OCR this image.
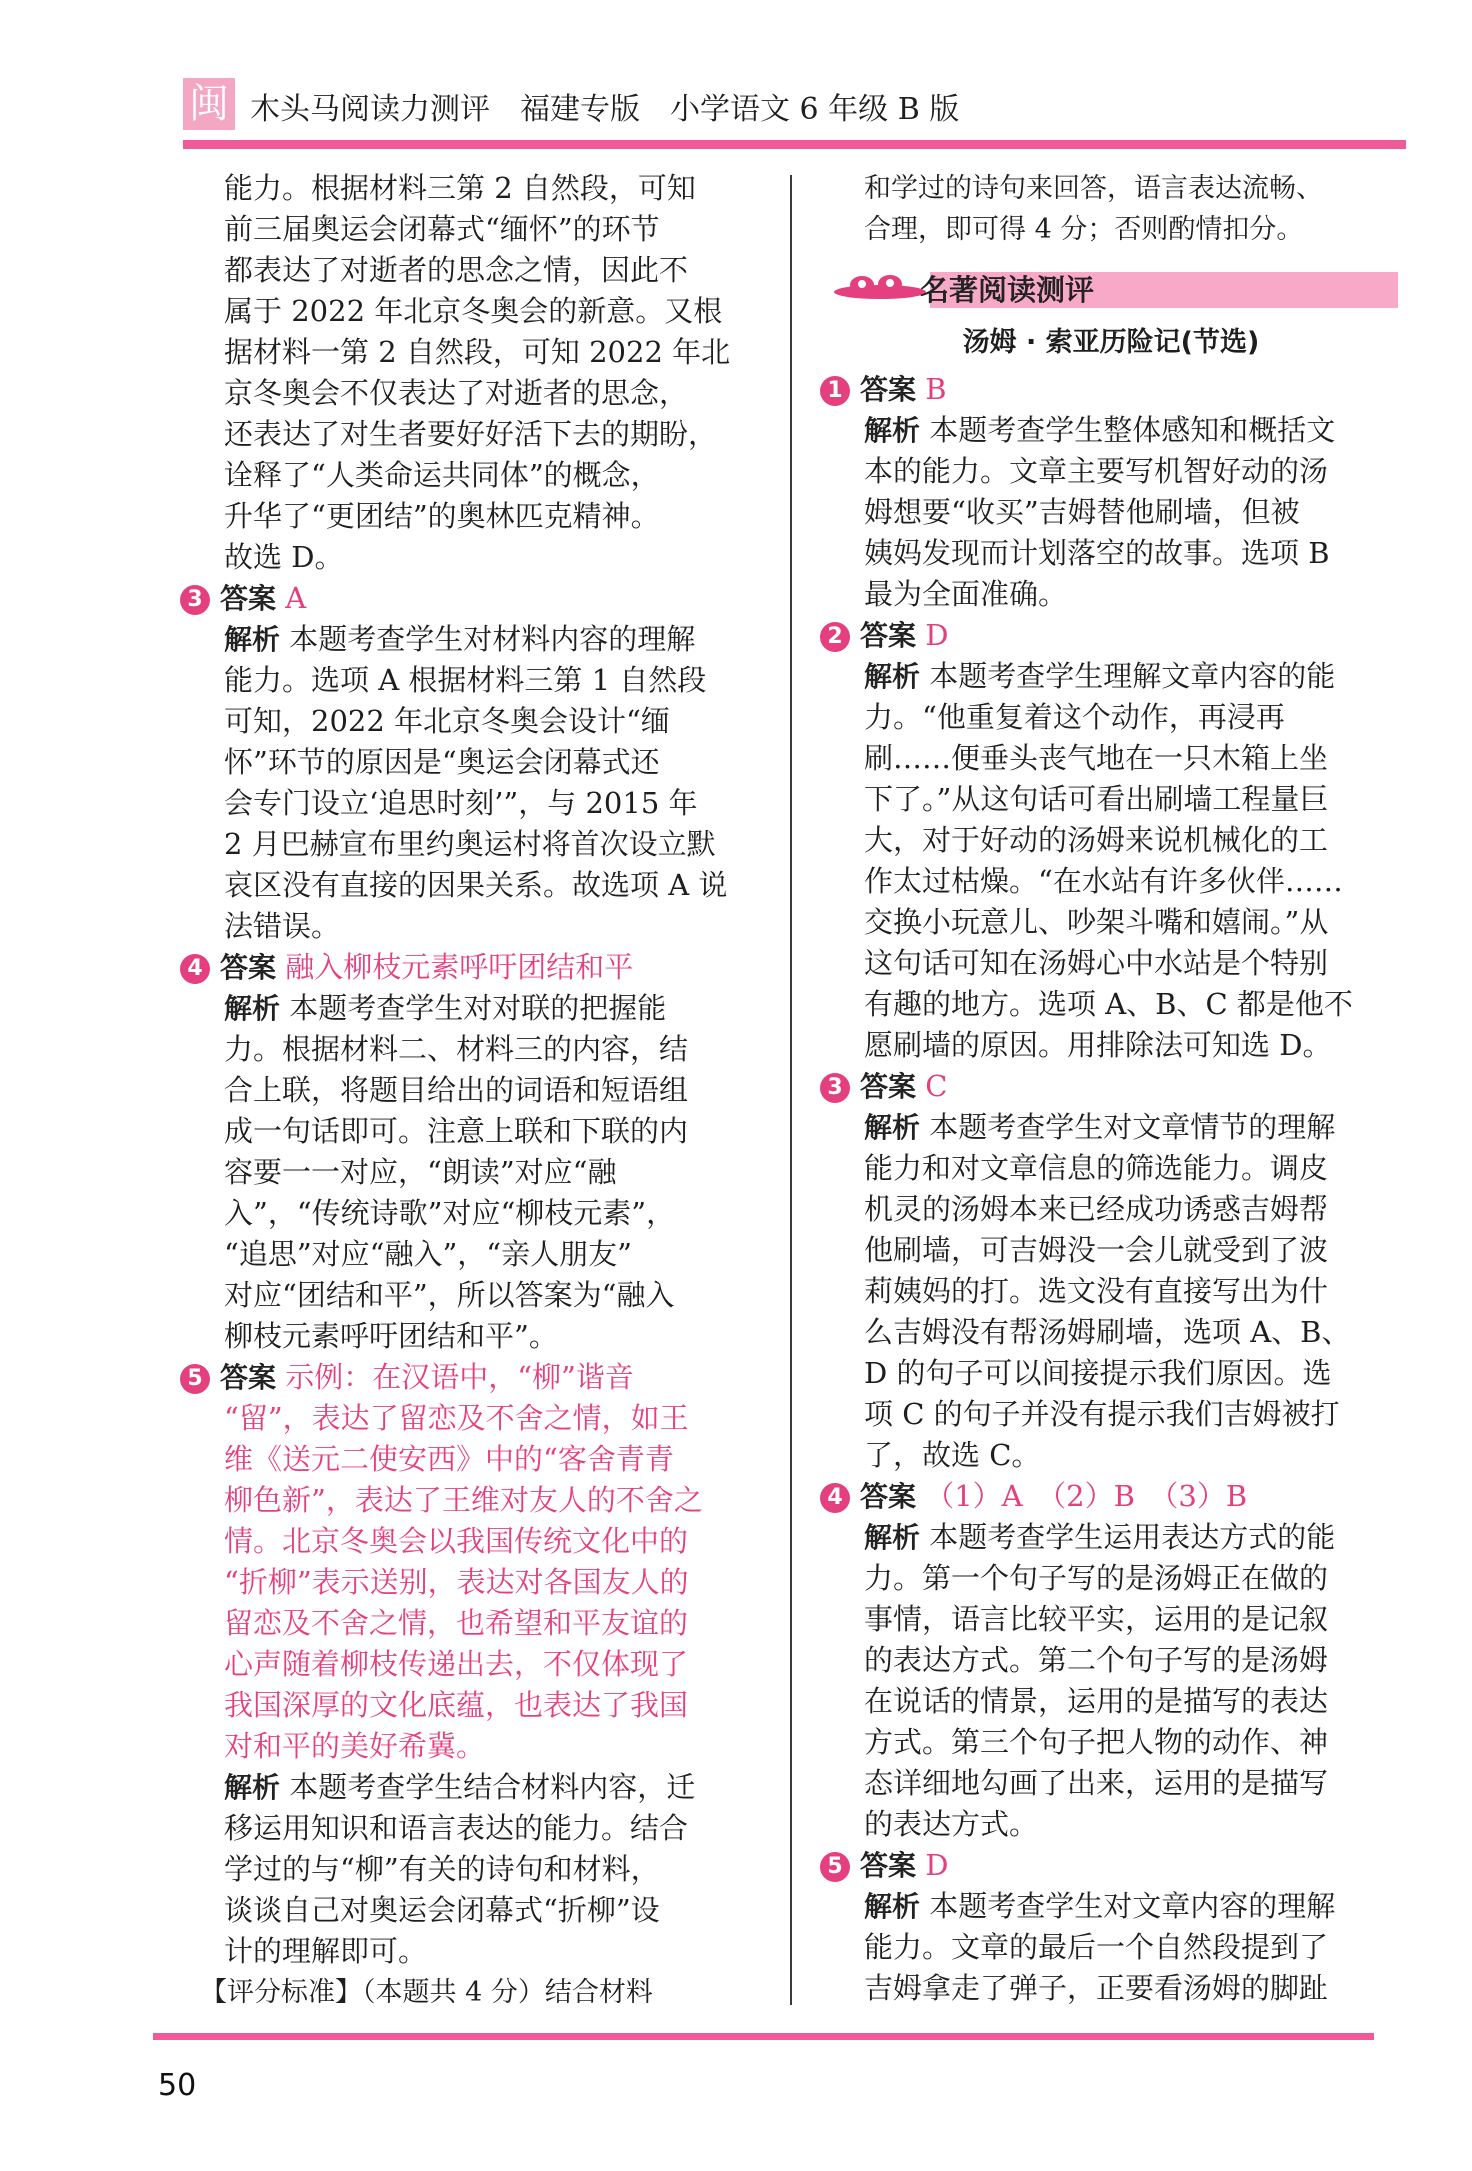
闽 木头马阅读力测评　福建专版　小学语文 6 年级 B 版
能力。根据材料三第 2 自然段，可知
前三届奥运会闭幕式“缅怀”的环节
都表达了对逝者的思念之情，因此不
属于 2022 年北京冬奥会的新意。又根
据材料一第 2 自然段，可知 2022 年北
京冬奥会不仅表达了对逝者的思念，
还表达了对生者要好好活下去的期盼，
诠释了“人类命运共同体”的概念，
升华了“更团结”的奥林匹克精神。
故选 D。
3 答案 A
解析 本题考查学生对材料内容的理解
能力。选项 A 根据材料三第 1 自然段
可知，2022 年北京冬奥会设计“缅
怀”环节的原因是“奥运会闭幕式还
会专门设立‘追思时刻’”，与 2015 年
2 月巴赫宣布里约奥运村将首次设立默
哀区没有直接的因果关系。故选项 A 说
法错误。
4 答案 融入柳枝元素呼吁团结和平
解析 本题考查学生对对联的把握能
力。根据材料二、材料三的内容，结
合上联，将题目给出的词语和短语组
成一句话即可。注意上联和下联的内
容要一一对应，“朗读”对应“融
入”，“传统诗歌”对应“柳枝元素”，
“追思”对应“融入”，“亲人朋友”
对应“团结和平”，所以答案为“融入
柳枝元素呼吁团结和平”。
5 答案 示例：在汉语中，“柳”谐音
“留”，表达了留恋及不舍之情，如王
维《送元二使安西》中的“客舍青青
柳色新”，表达了王维对友人的不舍之
情。北京冬奥会以我国传统文化中的
“折柳”表示送别，表达对各国友人的
留恋及不舍之情，也希望和平友谊的
心声随着柳枝传递出去，不仅体现了
我国深厚的文化底蕴，也表达了我国
对和平的美好希冀。
解析 本题考查学生结合材料内容，迁
移运用知识和语言表达的能力。结合
学过的与“柳”有关的诗句和材料，
谈谈自己对奥运会闭幕式“折柳”设
计的理解即可。
【评分标准】（本题共 4 分）结合材料
和学过的诗句来回答，语言表达流畅、
合理，即可得 4 分；否则酌情扣分。
名著阅读测评
汤姆 · 索亚历险记(节选)
1 答案 B
解析 本题考查学生整体感知和概括文
本的能力。文章主要写机智好动的汤
姆想要“收买”吉姆替他刷墙，但被
姨妈发现而计划落空的故事。选项 B
最为全面准确。
2 答案 D
解析 本题考查学生理解文章内容的能
力。“他重复着这个动作，再浸再
刷……便垂头丧气地在一只木箱上坐
下了。”从这句话可看出刷墙工程量巨
大，对于好动的汤姆来说机械化的工
作太过枯燥。“在水站有许多伙伴……
交换小玩意儿、吵架斗嘴和嬉闹。”从
这句话可知在汤姆心中水站是个特别
有趣的地方。选项 A、B、C 都是他不
愿刷墙的原因。用排除法可知选 D。
3 答案 C
解析 本题考查学生对文章情节的理解
能力和对文章信息的筛选能力。调皮
机灵的汤姆本来已经成功诱惑吉姆帮
他刷墙，可吉姆没一会儿就受到了波
莉姨妈的打。选文没有直接写出为什
么吉姆没有帮汤姆刷墙，选项 A、B、
D 的句子可以间接提示我们原因。选
项 C 的句子并没有提示我们吉姆被打
了，故选 C。
4 答案 （1）A　（2）B　（3）B
解析 本题考查学生运用表达方式的能
力。第一个句子写的是汤姆正在做的
事情，语言比较平实，运用的是记叙
的表达方式。第二个句子写的是汤姆
在说话的情景，运用的是描写的表达
方式。第三个句子把人物的动作、神
态详细地勾画了出来，运用的是描写
的表达方式。
5 答案 D
解析 本题考查学生对文章内容的理解
能力。文章的最后一个自然段提到了
吉姆拿走了弹子，正要看汤姆的脚趾
50
